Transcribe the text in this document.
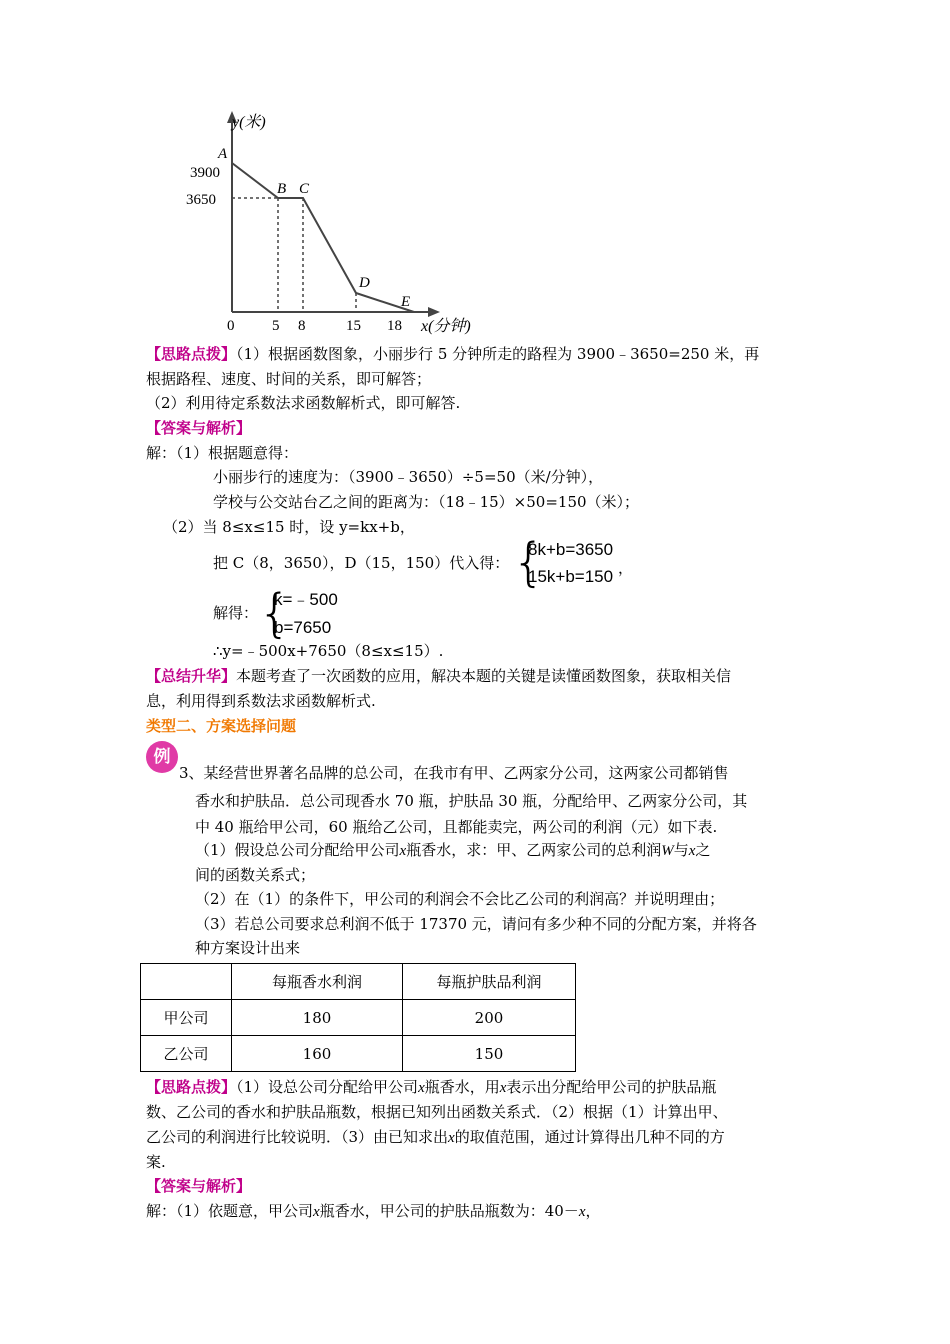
y(米)
x(分钟)
A
B C
D
E
3900
3650
0	5 8	15 18
【思路点拨】（1）根据函数图象，小丽步行 5 分钟所走的路程为 3900﹣3650=250 米，再
根据路程、速度、时间的关系，即可解答；
（2）利用待定系数法求函数解析式，即可解答.
【答案与解析】
解：（1）根据题意得：
小丽步行的速度为：（3900﹣3650）÷5=50（米/分钟），
学校与公交站台乙之间的距离为：（18﹣15）×50=150（米）；
（2）当 8≤x≤15 时，设 y=kx+b，
把 C（8，3650），D（15，150）代入得： {
8k+b=3650
15k+b=150 ，
解得： {
k=﹣500
b=7650
∴y=﹣500x+7650（8≤x≤15）.
【总结升华】本题考查了一次函数的应用，解决本题的关键是读懂函数图象，获取相关信
息，利用得到系数法求函数解析式.
类型二、方案选择问题
例
3、某经营世界著名品牌的总公司，在我市有甲、乙两家分公司，这两家公司都销售
香水和护肤品．总公司现香水 70 瓶，护肤品 30 瓶，分配给甲、乙两家分公司，其
中 40 瓶给甲公司，60 瓶给乙公司，且都能卖完，两公司的利润（元）如下表.
（1）假设总公司分配给甲公司x瓶香水，求：甲、乙两家公司的总利润W与x之
间的函数关系式；
（2）在（1）的条件下，甲公司的利润会不会比乙公司的利润高？并说明理由；
（3）若总公司要求总利润不低于 17370 元，请问有多少种不同的分配方案，并将各
种方案设计出来
	每瓶香水利润	每瓶护肤品利润
甲公司	180	200
乙公司	160	150
【思路点拨】（1）设总公司分配给甲公司x瓶香水，用x表示出分配给甲公司的护肤品瓶
数、乙公司的香水和护肤品瓶数，根据已知列出函数关系式．（2）根据（1）计算出甲、
乙公司的利润进行比较说明．（3）由已知求出x的取值范围，通过计算得出几种不同的方
案.
【答案与解析】
解：（1）依题意，甲公司x瓶香水，甲公司的护肤品瓶数为：40－x，
